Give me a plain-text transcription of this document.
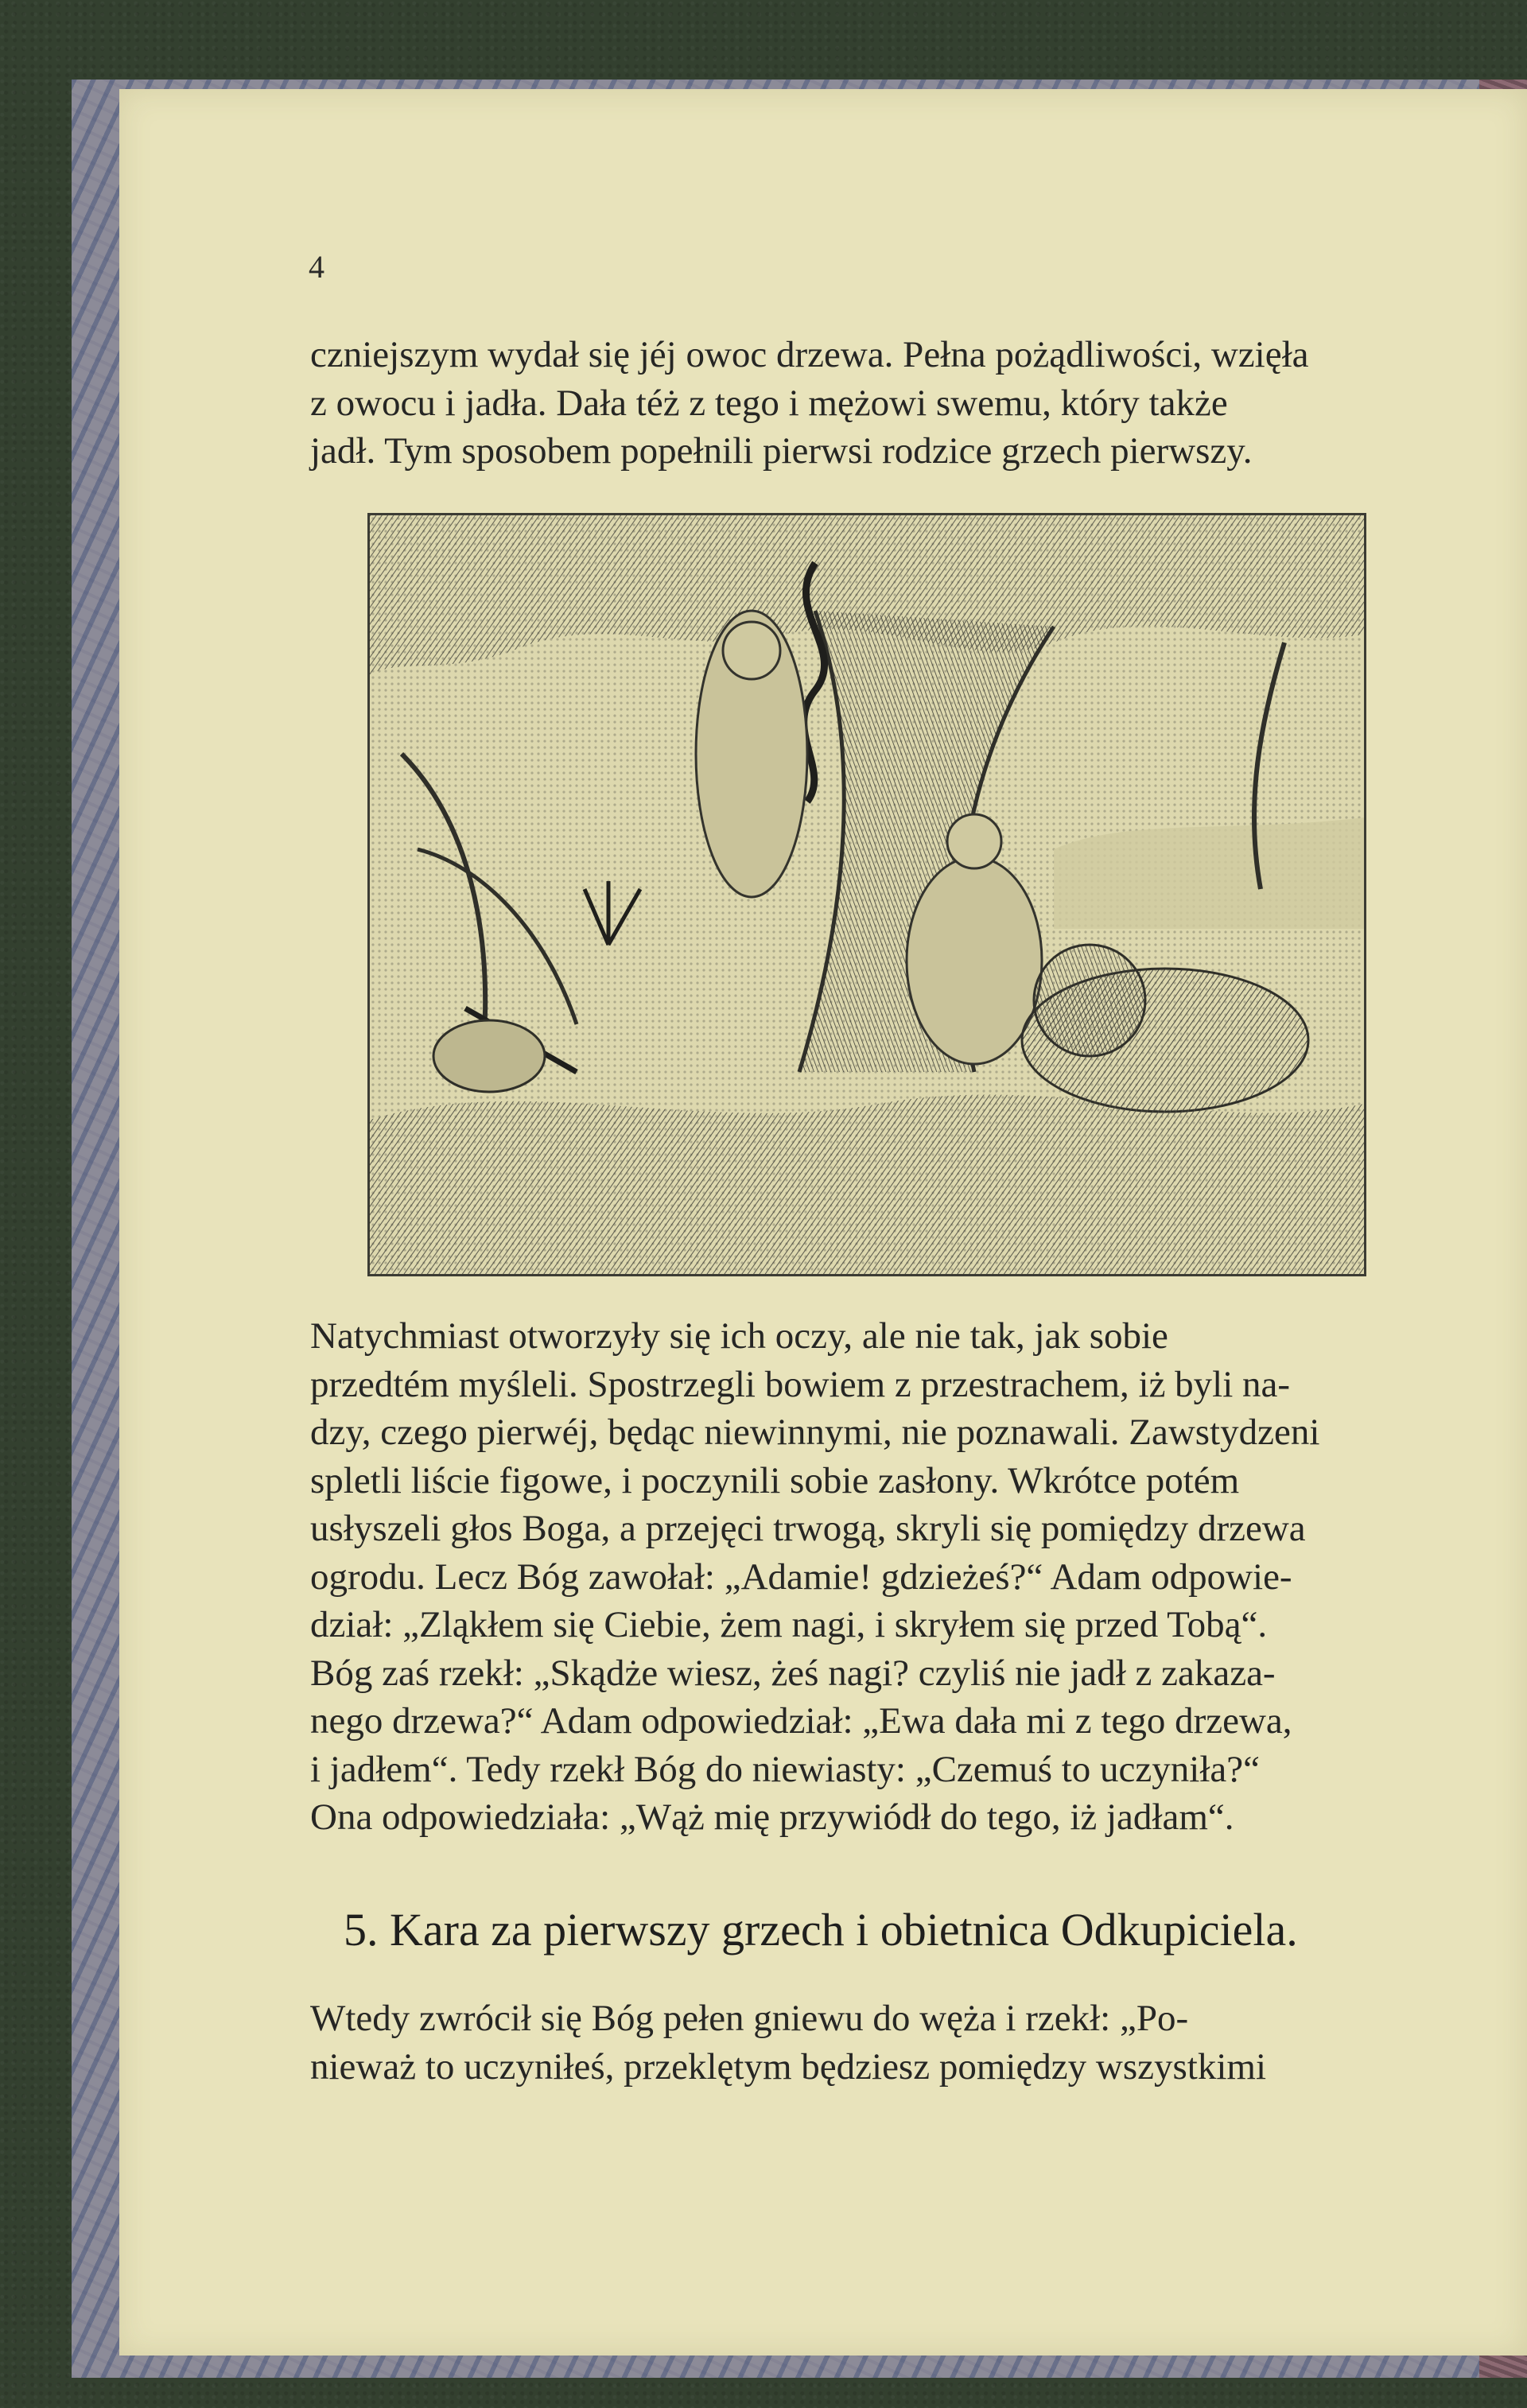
4
czniejszym wydał się jéj owoc drzewa. Pełna pożądliwości, wzięła
z owocu i jadła. Dała téż z tego i mężowi swemu, który także
jadł. Tym sposobem popełnili pierwsi rodzice grzech pierwszy.
Natychmiast otworzyły się ich oczy, ale nie tak, jak sobie
przedtém myśleli. Spostrzegli bowiem z przestrachem, iż byli na-
dzy, czego pierwéj, będąc niewinnymi, nie poznawali. Zawstydzeni
spletli liście figowe, i poczynili sobie zasłony. Wkrótce potém
usłyszeli głos Boga, a przejęci trwogą, skryli się pomiędzy drzewa
ogrodu. Lecz Bóg zawołał: „Adamie! gdzieżeś?“ Adam odpowie-
dział: „Zląkłem się Ciebie, żem nagi, i skryłem się przed Tobą“.
Bóg zaś rzekł: „Skądże wiesz, żeś nagi? czyliś nie jadł z zakaza-
nego drzewa?“ Adam odpowiedział: „Ewa dała mi z tego drzewa,
i jadłem“. Tedy rzekł Bóg do niewiasty: „Czemuś to uczyniła?“
Ona odpowiedziała: „Wąż mię przywiódł do tego, iż jadłam“.
5. Kara za pierwszy grzech i obietnica Odkupiciela.
Wtedy zwrócił się Bóg pełen gniewu do węża i rzekł: „Po-
nieważ to uczyniłeś, przeklętym będziesz pomiędzy wszystkimi
